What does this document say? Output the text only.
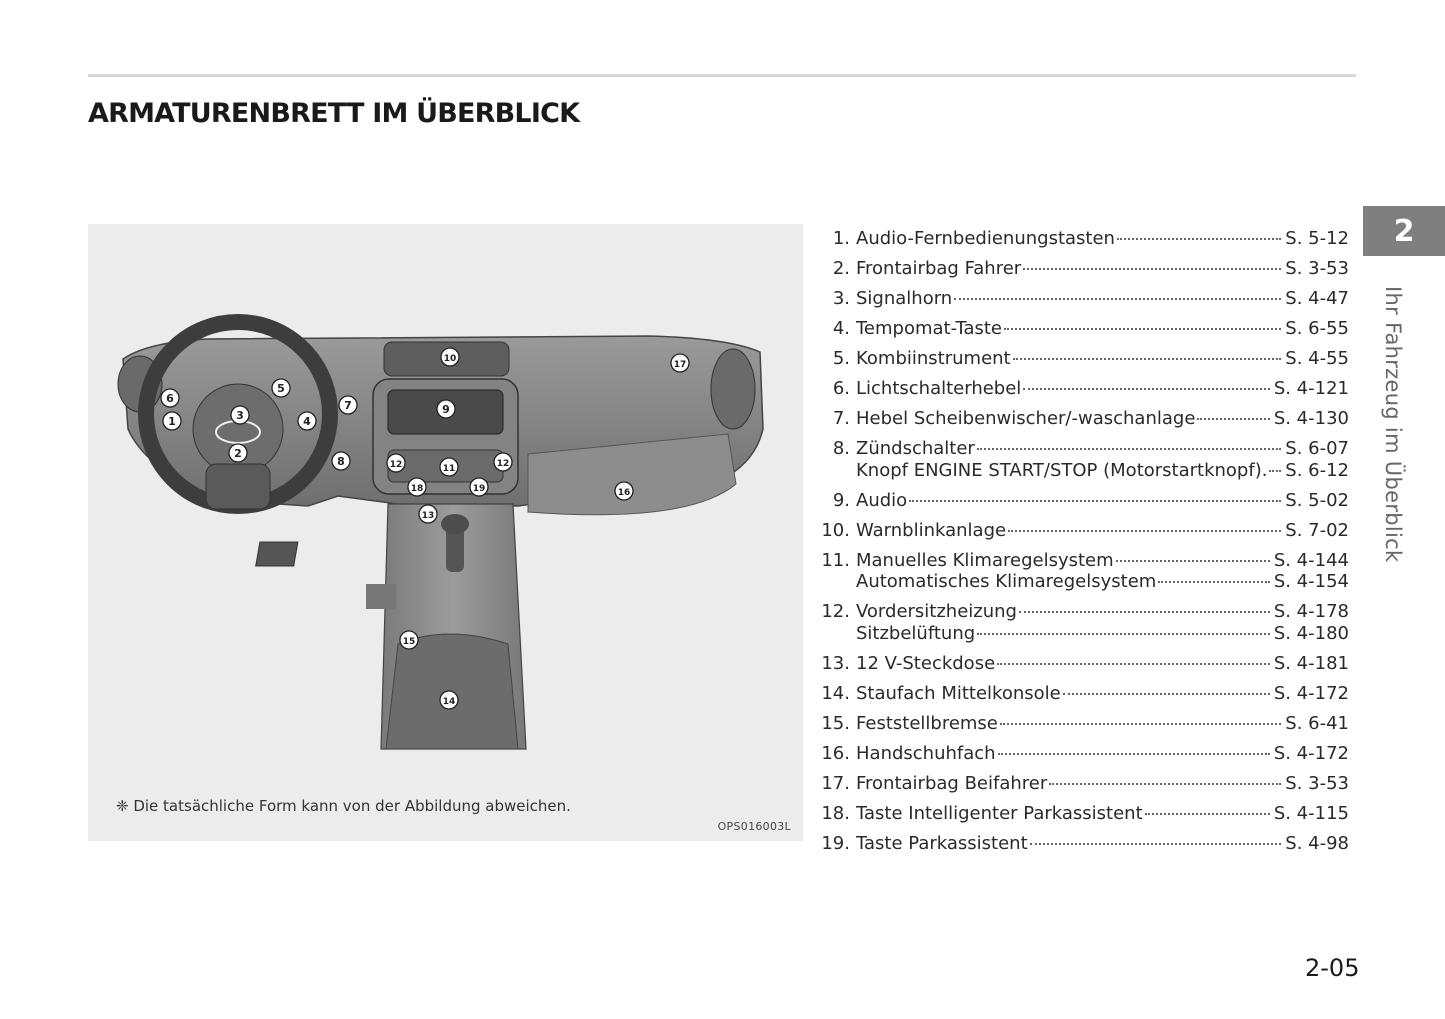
ARMATURENBRETT IM ÜBERBLICK
1
2
3	4
5
6
7
8
9
10
11
12	12
13
14
15
16
17
18	19
❈ Die tatsächliche Form kann von der Abbildung abweichen.
OPS016003L
1. Audio-Fernbedienungstasten	S. 5-12
2. Frontairbag Fahrer	S. 3-53
3. Signalhorn	S. 4-47
4. Tempomat-Taste	S. 6-55
5. Kombiinstrument	S. 4-55
6. Lichtschalterhebel	S. 4-121
7. Hebel Scheibenwischer/-waschanlage	S. 4-130
8. Zündschalter	S. 6-07
Knopf ENGINE START/STOP (Motorstartknopf). S. 6-12
9. Audio	S. 5-02
10. Warnblinkanlage	S. 7-02
11. Manuelles Klimaregelsystem	S. 4-144
Automatisches Klimaregelsystem	S. 4-154
12. Vordersitzheizung	S. 4-178
Sitzbelüftung	S. 4-180
13. 12 V-Steckdose	S. 4-181
14. Staufach Mittelkonsole	S. 4-172
15. Feststellbremse	S. 6-41
16. Handschuhfach	S. 4-172
17. Frontairbag Beifahrer	S. 3-53
18. Taste Intelligenter Parkassistent	S. 4-115
19. Taste Parkassistent	S. 4-98
2
Ihr Fahrzeug im Überblick
2-05
